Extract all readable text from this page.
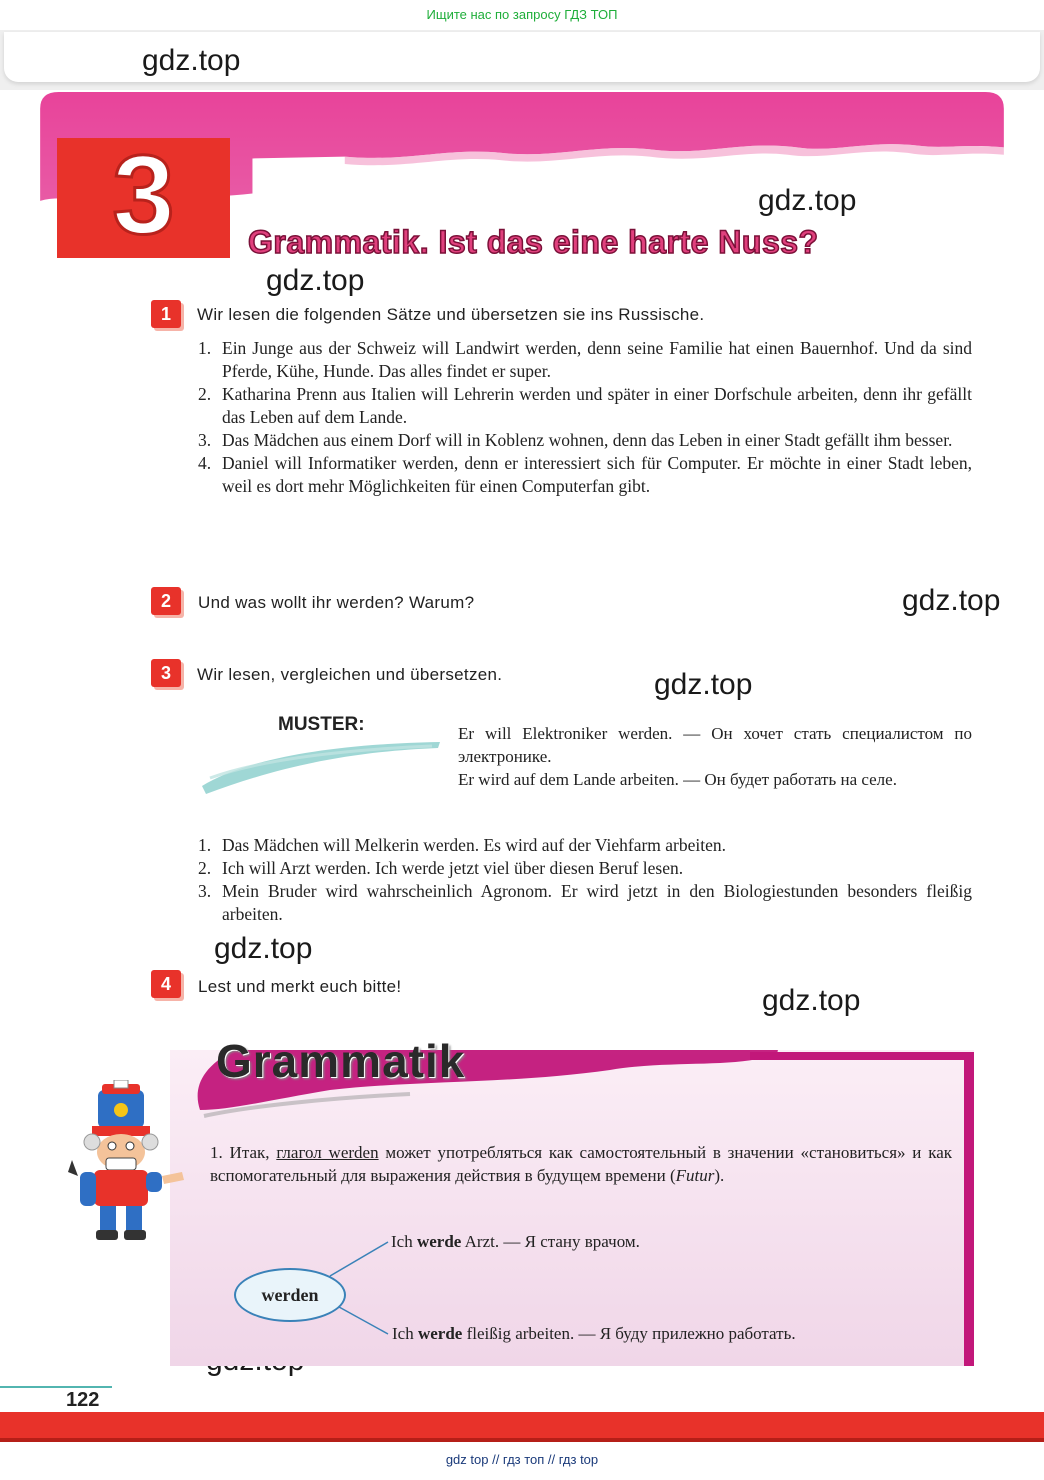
Ищите нас по запросу ГДЗ ТОП
gdz.top
gdz.top
gdz.top
gdz.top
gdz.top
gdz.top
gdz.top
3	Grammatik. Ist das eine harte Nuss?
1	Wir lesen die folgenden Sätze und übersetzen sie ins Russische.
1. Ein Junge aus der Schweiz will Landwirt werden, denn seine Familie hat einen Bauernhof. Und da sind Pferde, Kühe, Hunde. Das alles findet er super.
2. Katharina Prenn aus Italien will Lehrerin werden und später in einer Dorfschule arbeiten, denn ihr gefällt das Leben auf dem Lande.
3. Das Mädchen aus einem Dorf will in Koblenz wohnen, denn das Leben in einer Stadt gefällt ihm besser.
4. Daniel will Informatiker werden, denn er interessiert sich für Computer. Er möchte in einer Stadt leben, weil es dort mehr Möglichkeiten für einen Computerfan gibt.
2	Und was wollt ihr werden? Warum?
3	Wir lesen, vergleichen und übersetzen.
MUSTER:	Er will Elektroniker werden. — Он хочет стать специалистом по электронике.
Er wird auf dem Lande arbeiten. — Он будет работать на селе.
1. Das Mädchen will Melkerin werden. Es wird auf der Viehfarm arbeiten.
2. Ich will Arzt werden. Ich werde jetzt viel über diesen Beruf lesen.
3. Mein Bruder wird wahrscheinlich Agronom. Er wird jetzt in den Biologiestunden besonders fleißig arbeiten.
4	Lest und merkt euch bitte!
Grammatik
1. Итак, глагол werden может употребляться как самостоятельный в значении «становиться» и как вспомогательный для выражения действия в будущем времени (Futur).
werden
Ich werde Arzt. — Я стану врачом.
Ich werde fleißig arbeiten. — Я буду прилежно работать.
122
gdz top // гдз топ // гдз top
